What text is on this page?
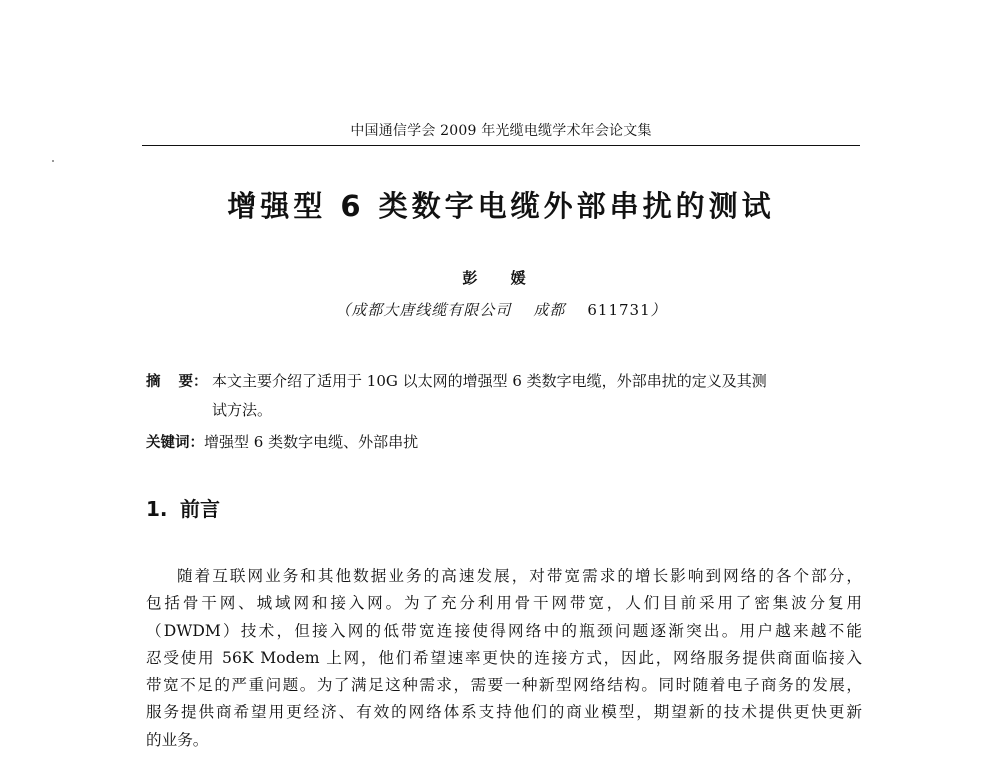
中国通信学会 2009 年光缆电缆学术年会论文集
增强型 6 类数字电缆外部串扰的测试
彭 媛
（成都大唐线缆有限公司 成都 611731）
摘 要： 本文主要介绍了适用于 10G 以太网的增强型 6 类数字电缆，外部串扰的定义及其测
试方法。
关键词：增强型 6 类数字电缆、外部串扰
1. 前言
随着互联网业务和其他数据业务的高速发展，对带宽需求的增长影响到网络的各个部分，
包括骨干网、城域网和接入网。为了充分利用骨干网带宽，人们目前采用了密集波分复用
（DWDM）技术，但接入网的低带宽连接使得网络中的瓶颈问题逐渐突出。用户越来越不能
忍受使用 56K Modem 上网，他们希望速率更快的连接方式，因此，网络服务提供商面临接入
带宽不足的严重问题。为了满足这种需求，需要一种新型网络结构。同时随着电子商务的发展，
服务提供商希望用更经济、有效的网络体系支持他们的商业模型，期望新的技术提供更快更新
的业务。
